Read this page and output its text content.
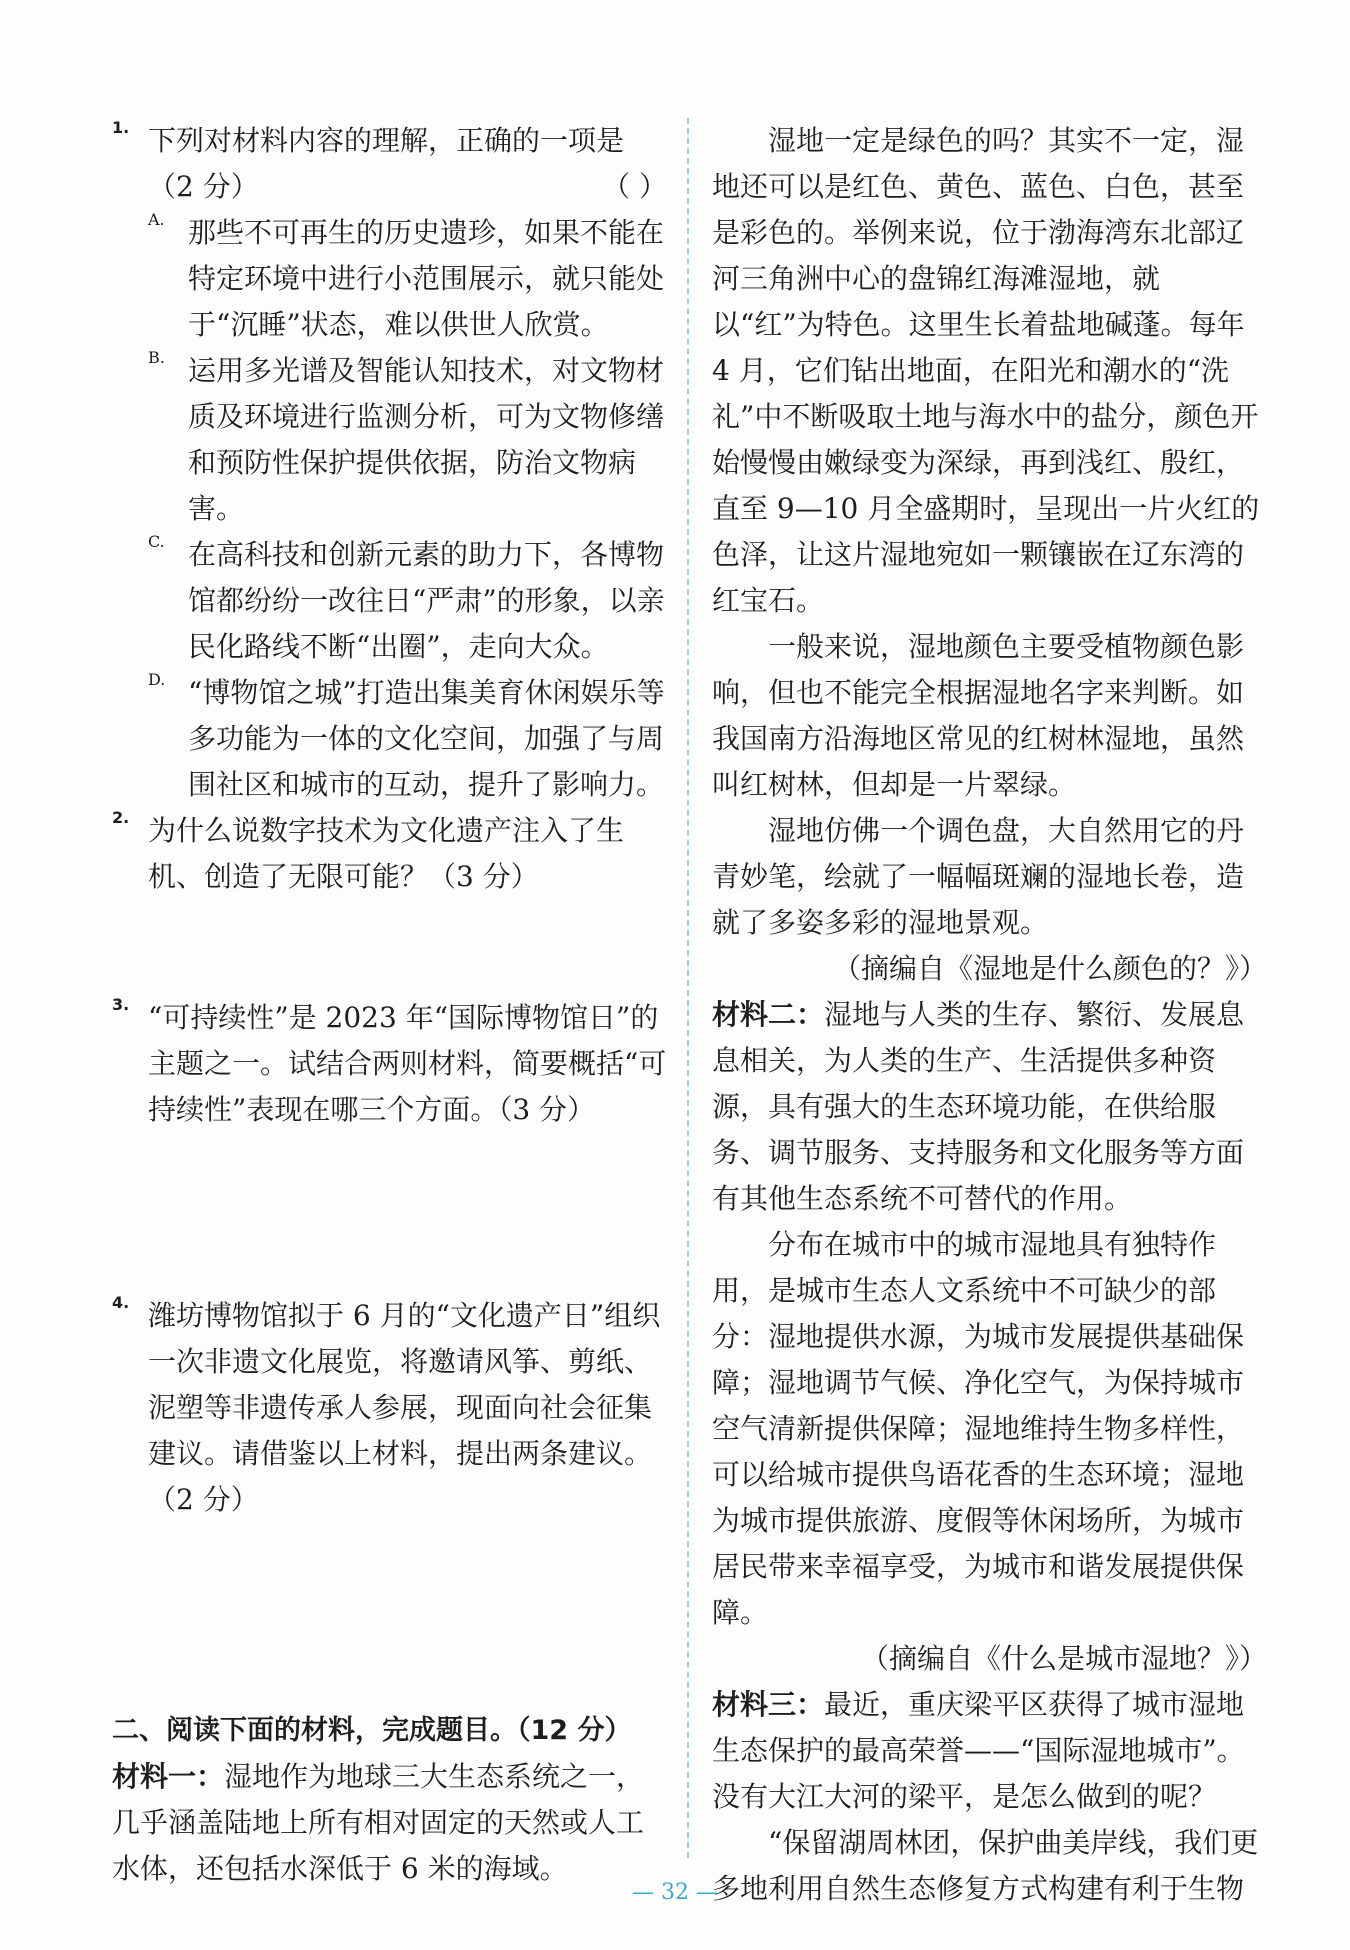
1. 下列对材料内容的理解，正确的一项是

（2 分）	（ ）
A. 那些不可再生的历史遗珍，如果不能在特定环境中进行小范围展示，就只能处于“沉睡”状态，难以供世人欣赏。

B. 运用多光谱及智能认知技术，对文物材质及环境进行监测分析，可为文物修缮和预防性保护提供依据，防治文物病害。

C. 在高科技和创新元素的助力下，各博物馆都纷纷一改往日“严肃”的形象，以亲民化路线不断“出圈”，走向大众。

D. “博物馆之城”打造出集美育休闲娱乐等多功能为一体的文化空间，加强了与周围社区和城市的互动，提升了影响力。

2. 为什么说数字技术为文化遗产注入了生机、创造了无限可能？（3 分）

3. “可持续性”是 2023 年“国际博物馆日”的主题之一。试结合两则材料，简要概括“可持续性”表现在哪三个方面。（3 分）

4. 潍坊博物馆拟于 6 月的“文化遗产日”组织一次非遗文化展览，将邀请风筝、剪纸、泥塑等非遗传承人参展，现面向社会征集建议。请借鉴以上材料，提出两条建议。（2 分）

二、阅读下面的材料，完成题目。（12 分）

材料一：湿地作为地球三大生态系统之一，几乎涵盖陆地上所有相对固定的天然或人工水体，还包括水深低于 6 米的海域。

湿地一定是绿色的吗？其实不一定，湿地还可以是红色、黄色、蓝色、白色，甚至是彩色的。举例来说，位于渤海湾东北部辽河三角洲中心的盘锦红海滩湿地，就以“红”为特色。这里生长着盐地碱蓬。每年 4 月，它们钻出地面，在阳光和潮水的“洗礼”中不断吸取土地与海水中的盐分，颜色开始慢慢由嫩绿变为深绿，再到浅红、殷红，直至 9—10 月全盛期时，呈现出一片火红的色泽，让这片湿地宛如一颗镶嵌在辽东湾的红宝石。

一般来说，湿地颜色主要受植物颜色影响，但也不能完全根据湿地名字来判断。如我国南方沿海地区常见的红树林湿地，虽然叫红树林，但却是一片翠绿。

湿地仿佛一个调色盘，大自然用它的丹青妙笔，绘就了一幅幅斑斓的湿地长卷，造就了多姿多彩的湿地景观。

（摘编自《湿地是什么颜色的？》）

材料二：湿地与人类的生存、繁衍、发展息息相关，为人类的生产、生活提供多种资源，具有强大的生态环境功能，在供给服务、调节服务、支持服务和文化服务等方面有其他生态系统不可替代的作用。

分布在城市中的城市湿地具有独特作用，是城市生态人文系统中不可缺少的部分：湿地提供水源，为城市发展提供基础保障；湿地调节气候、净化空气，为保持城市空气清新提供保障；湿地维持生物多样性，可以给城市提供鸟语花香的生态环境；湿地为城市提供旅游、度假等休闲场所，为城市居民带来幸福享受，为城市和谐发展提供保障。

（摘编自《什么是城市湿地？》）

材料三：最近，重庆梁平区获得了城市湿地生态保护的最高荣誉——“国际湿地城市”。没有大江大河的梁平，是怎么做到的呢？

“保留湖周林团，保护曲美岸线，我们更多地利用自然生态修复方式构建有利于生物

— 32 —
